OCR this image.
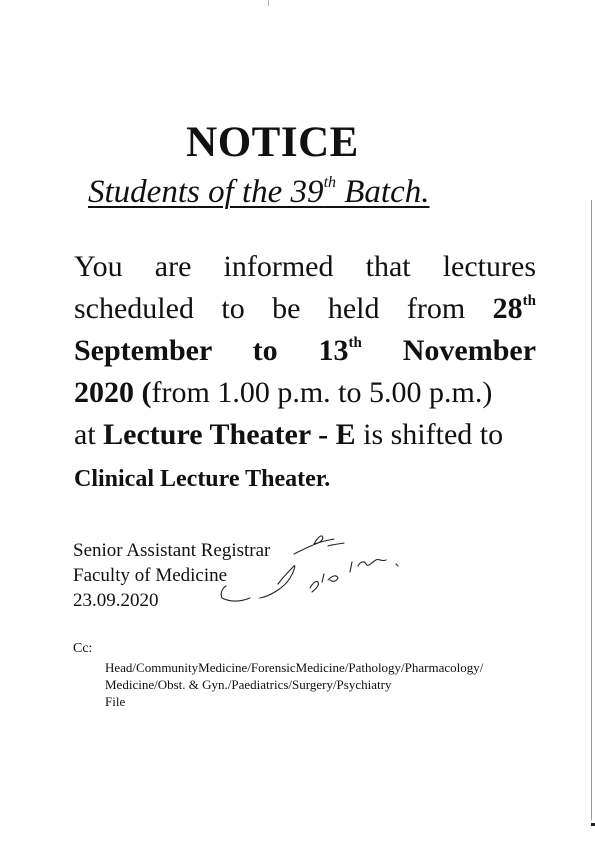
NOTICE

Students of the 39th Batch.

You are informed that lectures
scheduled to be held from 28th
September to 13th November
2020 (from 1.00 p.m. to 5.00 p.m.)
at Lecture Theater - E is shifted to
Clinical Lecture Theater.
Senior Assistant Registrar
Faculty of Medicine
23.09.2020
Cc:
Head/CommunityMedicine/ForensicMedicine/Pathology/Pharmacology/
Medicine/Obst. & Gyn./Paediatrics/Surgery/Psychiatry
File
